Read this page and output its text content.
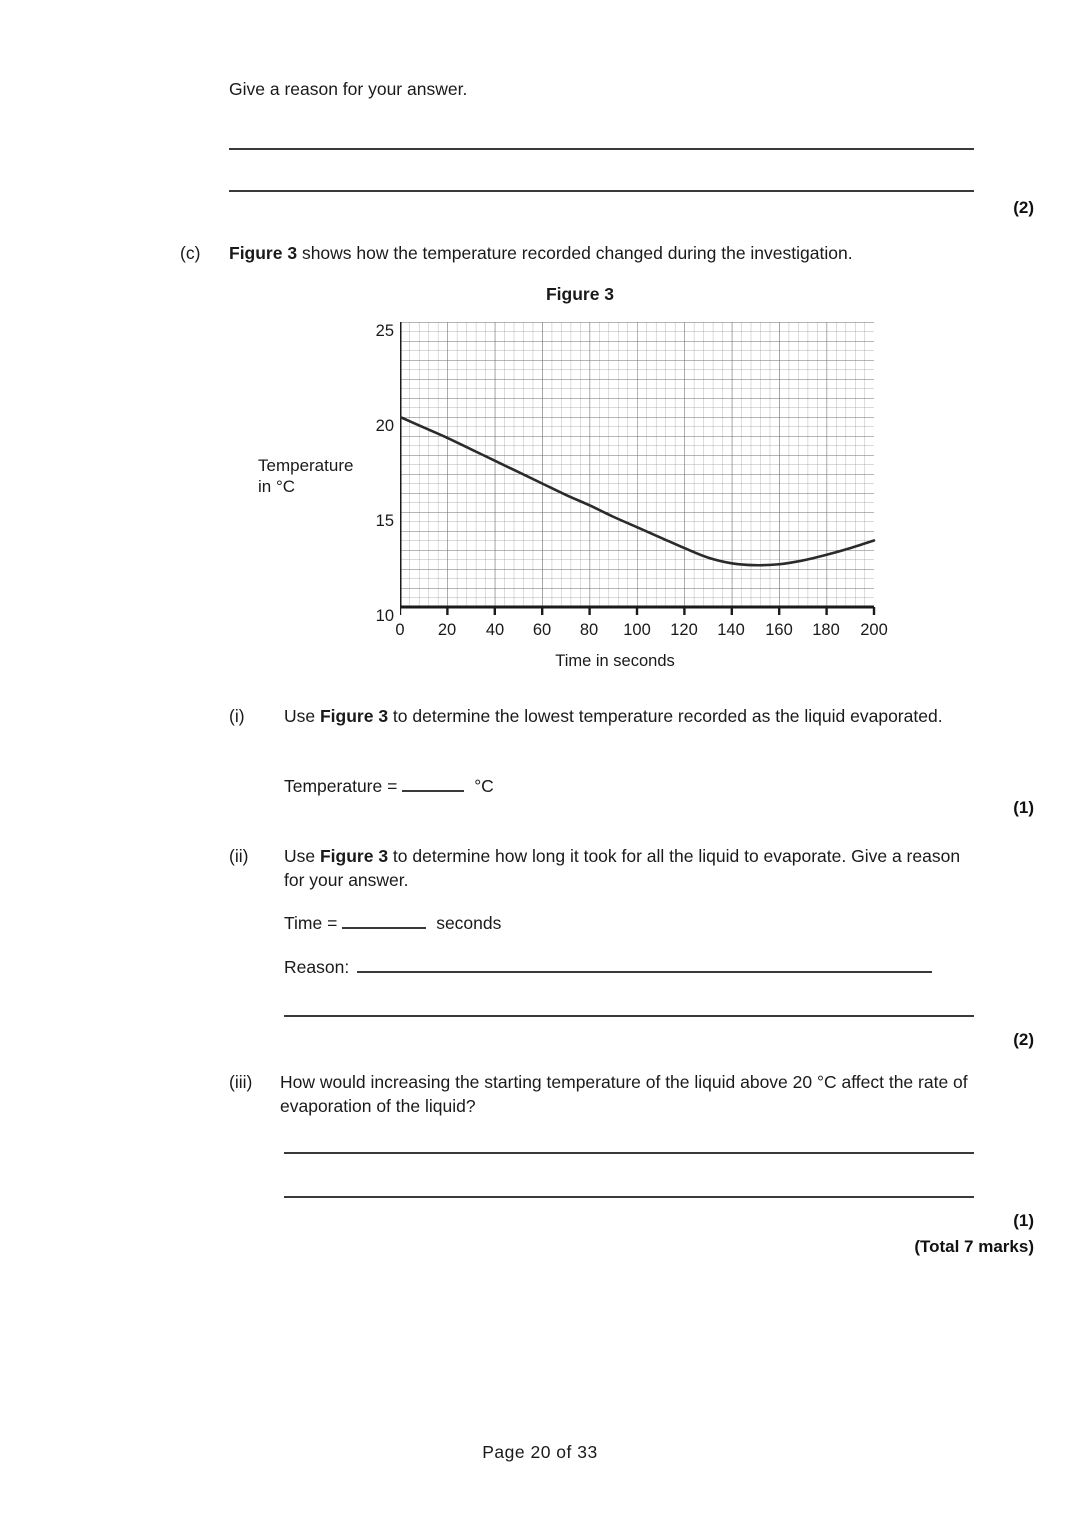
Give a reason for your answer.
(2)
(c) Figure 3 shows how the temperature recorded changed during the investigation.
Figure 3
Temperature
in °C
25
20
15
10
0	20	40	60	80	100	120	140	160	180	200
Time in seconds
(i) Use Figure 3 to determine the lowest temperature recorded as the liquid evaporated.
Temperature =	°C
(1)
(ii) Use Figure 3 to determine how long it took for all the liquid to evaporate. Give a reason for your answer.
Time =	seconds
Reason:
(2)
(iii) How would increasing the starting temperature of the liquid above 20 °C affect the rate of evaporation of the liquid?
(1)
(Total 7 marks)
Page 20 of 33
